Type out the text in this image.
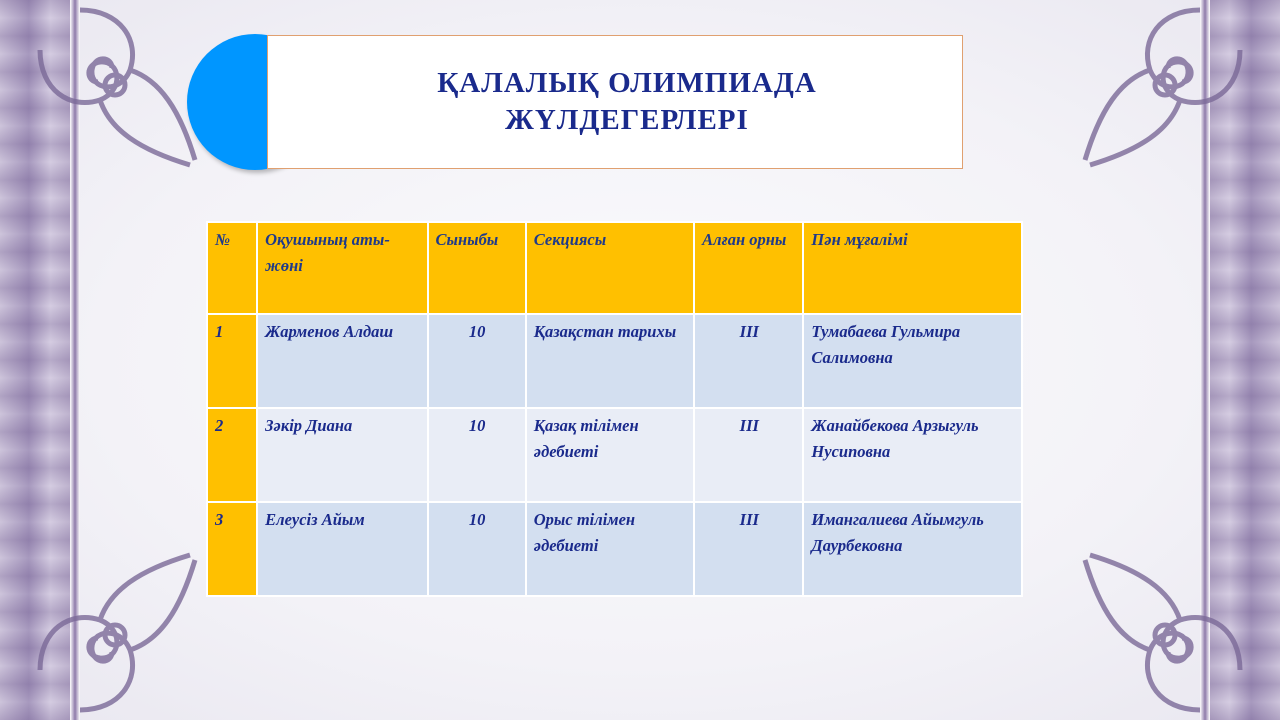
ҚАЛАЛЫҚ ОЛИМПИАДА
ЖҮЛДЕГЕРЛЕРІ
№	Оқушының аты-жөні	Сыныбы	Секциясы	Алған орны	Пән мұғалімі
1	Жарменов Алдаш	10	Қазақстан тарихы	ІІІ	Тумабаева Гульмира Салимовна
2	Зәкір Диана	10	Қазақ тілімен әдебиеті	ІІІ	Жанайбекова Арзыгуль Нусиповна
3	Елеусіз Айым	10	Орыс тілімен әдебиеті	ІІІ	Имангалиева Айымгуль Даурбековна
